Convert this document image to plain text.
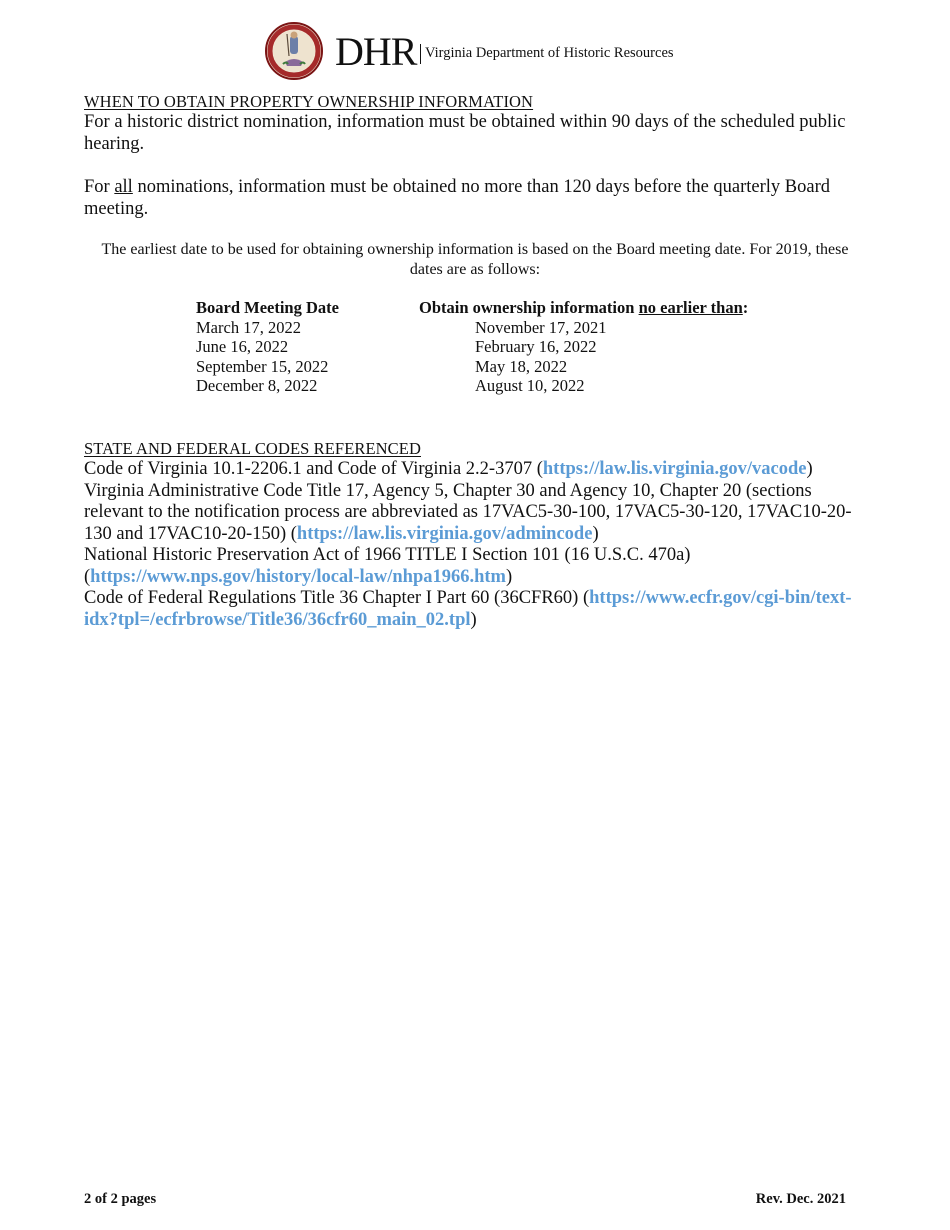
DHR Virginia Department of Historic Resources
WHEN TO OBTAIN PROPERTY OWNERSHIP INFORMATION
For a historic district nomination, information must be obtained within 90 days of the scheduled public hearing.
For all nominations, information must be obtained no more than 120 days before the quarterly Board meeting.
The earliest date to be used for obtaining ownership information is based on the Board meeting date. For 2019, these dates are as follows:
Board Meeting Date	Obtain ownership information no earlier than:
March 17, 2022	November 17, 2021
June 16, 2022	February 16, 2022
September 15, 2022	May 18, 2022
December 8, 2022	August 10, 2022
STATE AND FEDERAL CODES REFERENCED
Code of Virginia 10.1-2206.1 and Code of Virginia 2.2-3707 (https://law.lis.virginia.gov/vacode)
Virginia Administrative Code Title 17, Agency 5, Chapter 30 and Agency 10, Chapter 20 (sections relevant to the notification process are abbreviated as 17VAC5-30-100, 17VAC5-30-120, 17VAC10-20-130 and 17VAC10-20-150) (https://law.lis.virginia.gov/admincode)
National Historic Preservation Act of 1966 TITLE I Section 101 (16 U.S.C. 470a) (https://www.nps.gov/history/local-law/nhpa1966.htm)
Code of Federal Regulations Title 36 Chapter I Part 60 (36CFR60) (https://www.ecfr.gov/cgi-bin/text-idx?tpl=/ecfrbrowse/Title36/36cfr60_main_02.tpl)
2 of 2 pages	Rev. Dec. 2021
